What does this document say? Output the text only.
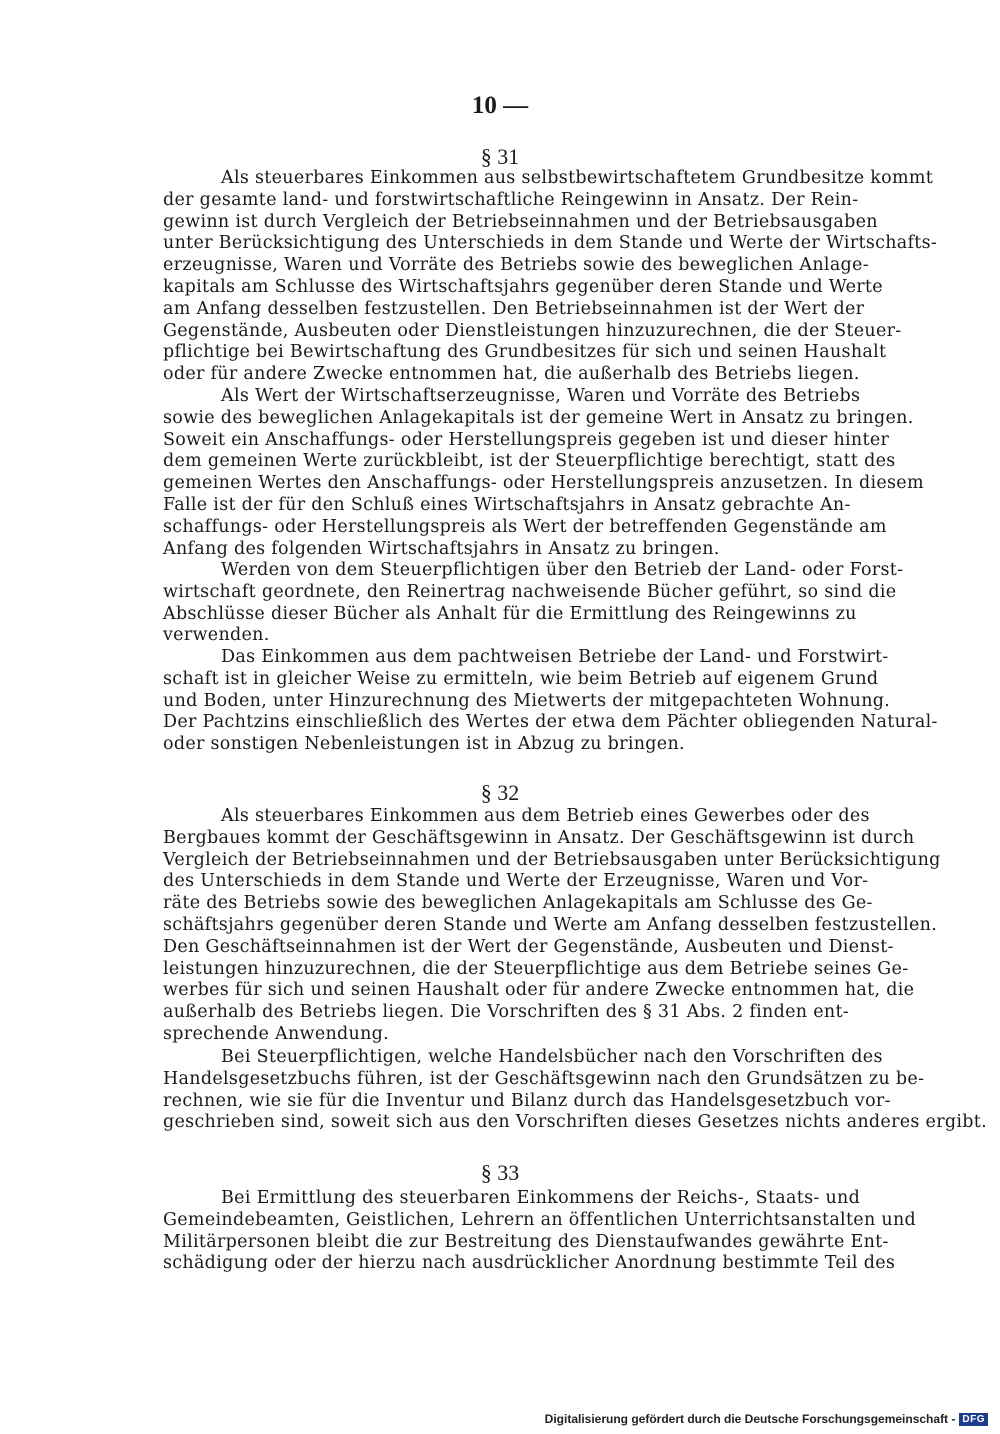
10 —
§ 31
Als steuerbares Einkommen aus selbstbewirtschaftetem Grundbesitze kommt
der gesamte land- und forstwirtschaftliche Reingewinn in Ansatz. Der Rein-
gewinn ist durch Vergleich der Betriebseinnahmen und der Betriebsausgaben
unter Berücksichtigung des Unterschieds in dem Stande und Werte der Wirtschafts-
erzeugnisse, Waren und Vorräte des Betriebs sowie des beweglichen Anlage-
kapitals am Schlusse des Wirtschaftsjahrs gegenüber deren Stande und Werte
am Anfang desselben festzustellen. Den Betriebseinnahmen ist der Wert der
Gegenstände, Ausbeuten oder Dienstleistungen hinzuzurechnen, die der Steuer-
pflichtige bei Bewirtschaftung des Grundbesitzes für sich und seinen Haushalt
oder für andere Zwecke entnommen hat, die außerhalb des Betriebs liegen.
Als Wert der Wirtschaftserzeugnisse, Waren und Vorräte des Betriebs
sowie des beweglichen Anlagekapitals ist der gemeine Wert in Ansatz zu bringen.
Soweit ein Anschaffungs- oder Herstellungspreis gegeben ist und dieser hinter
dem gemeinen Werte zurückbleibt, ist der Steuerpflichtige berechtigt, statt des
gemeinen Wertes den Anschaffungs- oder Herstellungspreis anzusetzen. In diesem
Falle ist der für den Schluß eines Wirtschaftsjahrs in Ansatz gebrachte An-
schaffungs- oder Herstellungspreis als Wert der betreffenden Gegenstände am
Anfang des folgenden Wirtschaftsjahrs in Ansatz zu bringen.
Werden von dem Steuerpflichtigen über den Betrieb der Land- oder Forst-
wirtschaft geordnete, den Reinertrag nachweisende Bücher geführt, so sind die
Abschlüsse dieser Bücher als Anhalt für die Ermittlung des Reingewinns zu
verwenden.
Das Einkommen aus dem pachtweisen Betriebe der Land- und Forstwirt-
schaft ist in gleicher Weise zu ermitteln, wie beim Betrieb auf eigenem Grund
und Boden, unter Hinzurechnung des Mietwerts der mitgepachteten Wohnung.
Der Pachtzins einschließlich des Wertes der etwa dem Pächter obliegenden Natural-
oder sonstigen Nebenleistungen ist in Abzug zu bringen.
§ 32
Als steuerbares Einkommen aus dem Betrieb eines Gewerbes oder des
Bergbaues kommt der Geschäftsgewinn in Ansatz. Der Geschäftsgewinn ist durch
Vergleich der Betriebseinnahmen und der Betriebsausgaben unter Berücksichtigung
des Unterschieds in dem Stande und Werte der Erzeugnisse, Waren und Vor-
räte des Betriebs sowie des beweglichen Anlagekapitals am Schlusse des Ge-
schäftsjahrs gegenüber deren Stande und Werte am Anfang desselben festzustellen.
Den Geschäftseinnahmen ist der Wert der Gegenstände, Ausbeuten und Dienst-
leistungen hinzuzurechnen, die der Steuerpflichtige aus dem Betriebe seines Ge-
werbes für sich und seinen Haushalt oder für andere Zwecke entnommen hat, die
außerhalb des Betriebs liegen. Die Vorschriften des § 31 Abs. 2 finden ent-
sprechende Anwendung.
Bei Steuerpflichtigen, welche Handelsbücher nach den Vorschriften des
Handelsgesetzbuchs führen, ist der Geschäftsgewinn nach den Grundsätzen zu be-
rechnen, wie sie für die Inventur und Bilanz durch das Handelsgesetzbuch vor-
geschrieben sind, soweit sich aus den Vorschriften dieses Gesetzes nichts anderes ergibt.
§ 33
Bei Ermittlung des steuerbaren Einkommens der Reichs-, Staats- und
Gemeindebeamten, Geistlichen, Lehrern an öffentlichen Unterrichtsanstalten und
Militärpersonen bleibt die zur Bestreitung des Dienstaufwandes gewährte Ent-
schädigung oder der hierzu nach ausdrücklicher Anordnung bestimmte Teil des
Digitalisierung gefördert durch die Deutsche Forschungsgemeinschaft - DFG
